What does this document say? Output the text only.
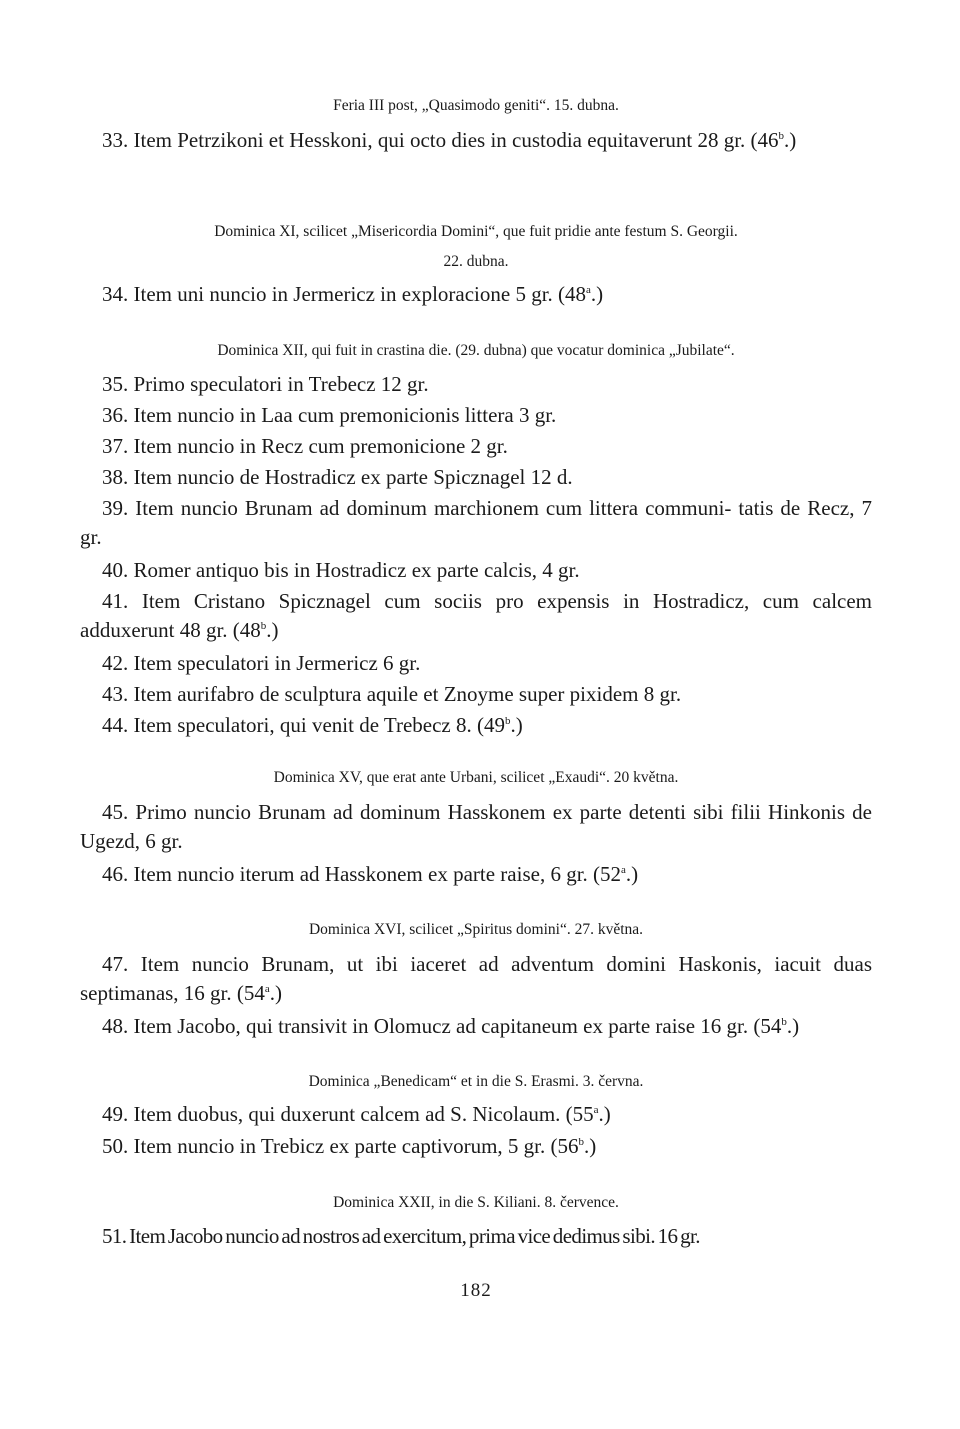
Feria III post, „Quasimodo geniti“. 15. dubna.
33. Item Petrzikoni et Hesskoni, qui octo dies in custodia equitaverunt 28 gr. (46$^b$.)
Dominica XI, scilicet „Misericordia Domini“, que fuit pridie ante festum S. Georgii.
22. dubna.
34. Item uni nuncio in Jermericz in exploracione 5 gr. (48$^a$.)
Dominica XII, qui fuit in crastina die. (29. dubna) que vocatur dominica „Jubilate“.
35. Primo speculatori in Trebecz 12 gr.
36. Item nuncio in Laa cum premonicionis littera 3 gr.
37. Item nuncio in Recz cum premonicione 2 gr.
38. Item nuncio de Hostradicz ex parte Spicznagel 12 d.
39. Item nuncio Brunam ad dominum marchionem cum littera communi- tatis de Recz, 7 gr.
40. Romer antiquo bis in Hostradicz ex parte calcis, 4 gr.
41. Item Cristano Spicznagel cum sociis pro expensis in Hostradicz, cum calcem adduxerunt 48 gr. (48$^b$.)
42. Item speculatori in Jermericz 6 gr.
43. Item aurifabro de sculptura aquile et Znoyme super pixidem 8 gr.
44. Item speculatori, qui venit de Trebecz 8. (49$^b$.)
Dominica XV, que erat ante Urbani, scilicet „Exaudi“. 20 května.
45. Primo nuncio Brunam ad dominum Hasskonem ex parte detenti sibi filii Hinkonis de Ugezd, 6 gr.
46. Item nuncio iterum ad Hasskonem ex parte raise, 6 gr. (52$^a$.)
Dominica XVI, scilicet „Spiritus domini“. 27. května.
47. Item nuncio Brunam, ut ibi iaceret ad adventum domini Haskonis, iacuit duas septimanas, 16 gr. (54$^a$.)
48. Item Jacobo, qui transivit in Olomucz ad capitaneum ex parte raise 16 gr. (54$^b$.)
Dominica „Benedicam“ et in die S. Erasmi. 3. června.
49. Item duobus, qui duxerunt calcem ad S. Nicolaum. (55$^a$.)
50. Item nuncio in Trebicz ex parte captivorum, 5 gr. (56$^b$.)
Dominica XXII, in die S. Kiliani. 8. července.
51. Item Jacobo nuncio ad nostros ad exercitum, prima vice dedimus sibi. 16 gr.
182
